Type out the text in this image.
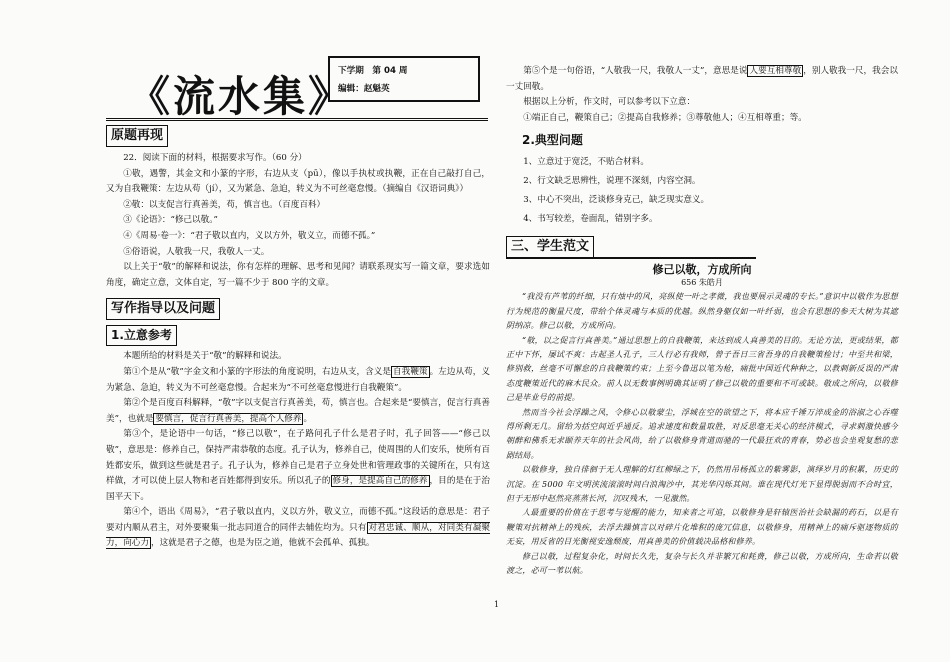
《流水集》
下学期　第 04 周
编辑：赵魁英
原题再现

22．阅读下面的材料，根据要求写作。（60 分）

①敬，遇警，其金文和小篆的字形，右边从支（pū），像以手执杖或执鞭，正在自己敲打自己，又为自我鞭策：左边从苟（jí），又为紧急、急迫，转义为不可丝毫怠慢。（摘编自《汉语词典》）

②敬：以支促言行真善美，苟，慎言也。（百度百科）

③《论语》：“修己以敬。”

④《周易·卷一》：“君子敬以直内，义以方外，敬义立，而德不孤。”

⑤俗语说，人敬我一尺，我敬人一丈。

以上关于“敬”的解释和说法，你有怎样的理解、思考和见闻？请联系现实写一篇文章，要求选如角度，确定立意，文体自定，写一篇不少于 800 字的文章。

写作指导以及问题
1.立意参考

本题所给的材料是关于“敬”的解释和说法。

第①个是从“敬”字金文和小篆的字形法的角度说明，右边从支，含义是 自我鞭策 。左边从苟，义为紧急、急迫，转义为不可丝毫怠慢。合起来为“不可丝毫怠慢进行自我鞭策”。

第②个是百度百科解释，“敬”字以支促言行真善美，苟，慎言也。合起来是“要慎言，促言行真善美”，也就是 要慎言，促言行真善美，提高个人修养 。

第③个，是论语中一句话，“修己以敬”，在子路问孔子什么是君子时，孔子回答——“修己以敬”，意思是：修养自己，保持严肃恭敬的态度。孔子认为，修养自己，使周围的人们安乐，使所有百姓都安乐，做到这些就是君子。孔子认为，修养自己是君子立身处世和管理政事的关键所在，只有这样做，才可以使上层人物和老百姓都得到安乐。所以孔子的 修身，是提高自己的修养 ，目的是在于治国平天下。

第④个，语出《周易》，“君子敬以直内，义以方外，敬义立，而德不孤。”这段话的意思是：君子要对内顺从君主，对外要聚集一批志同道合的同伴去辅佐均为。只有 对君忠诚、顺从，对同类有凝聚力，向心力 ，这就是君子之德，也是为臣之道，他就不会孤单、孤独。

第⑤个是一句俗语，“人敬我一尺，我敬人一丈”，意思是说 人要互相尊敬 ，别人敬我一尺，我会以一丈回敬。

根据以上分析，作文时，可以参考以下立意：

①端正自己，鞭策自己；②提高自我修养；③尊敬他人；④互相尊重；等。

2.典型问题

1、立意过于宽泛，不贴合材料。

2、行文缺乏思辨性，说理不深刻，内容空洞。

3、中心不突出，泛谈修身克己，缺乏现实意义。

4、书写较差，卷面乱，错别字多。

三、学生范文
修己以敬，方成所向
656 朱皓月

“我没有芦苇的纤细，只有烛中的风，亮纵使一叶之孝微，我也要展示灵魂的专长。”意识中以敬作为思想行为规范的衡量尺度，带给个体灵魂与本质的优越。纵然身躯仅如一叶纤弱，也会有思想的参天大树为其遮阴纳凉。修己以敬，方成所向。

“敬，以之促言行真善美。”通过思想上的自我鞭策，来达到成人真善美的目的。无论方法，更或结果，都正中下怀，屡试不爽：古起圣人孔子，三人行必有我师，曾子吾日三省吾身的自我鞭策检讨；中至共和梁，修别救，丝毫不可懈怠的自我鞭策约束；上至今鲁迅以笔为枪，痛批中国近代种种之，以教刺新反误的严肃态度鞭策近代的麻木民众。前人以无数事例明确其证明了修己以敬的重要和不可或缺。敬成之所向，以敬修己是毕业号的前提。

然而当今社会浮躁之风，令修心以敬蒙尘，浮城在空的欲望之下，将本应千锤万淬成金的浴淑之心吞噬得所剩无几。留给为括空间近乎通反。追求速度和数量取胜，对反思毫无关心的经济模式，寻求刺激快感今朝醉和佛系无求颐养天年的社会风尚，给了以敬修身背道而驰的一代最狂欢的青春，势必也会坐观复愁的悲剧结局。

以敬修身，独自徘徊于无人理解的灯红柳绿之下，仍然用吊杨孤立的紫雾影，演绎岁月的积累，历史的沉淀。在 5000 年文明浃流滚滚时间白浪淘沙中，其光华闪烁其间。谁在现代灯光下显得脱弱而不合时宜，但于无形中赵然亮蒸蒸长河，沉叹残木，一见激然。

人最重要的价值在于思考与觉醒的能力，知来者之可追，以敬修身是轩辕医治社会缺漏的药石，以是有鞭策对抗精神上的残疾，去浮去躁慎言以对碎片化堆积的庞冗信息，以敬修身，用精神上的痛斥驱逐物质的无妄，用反省的目光衡视安逸颓废，用真善美的价值载决品格和修养。

修己以敬，过程复杂化，时间长久先，复杂与长久并非繁冗和耗费，修己以敬，方成所向，生命若以敬渡之，必可一苇以航。

1
